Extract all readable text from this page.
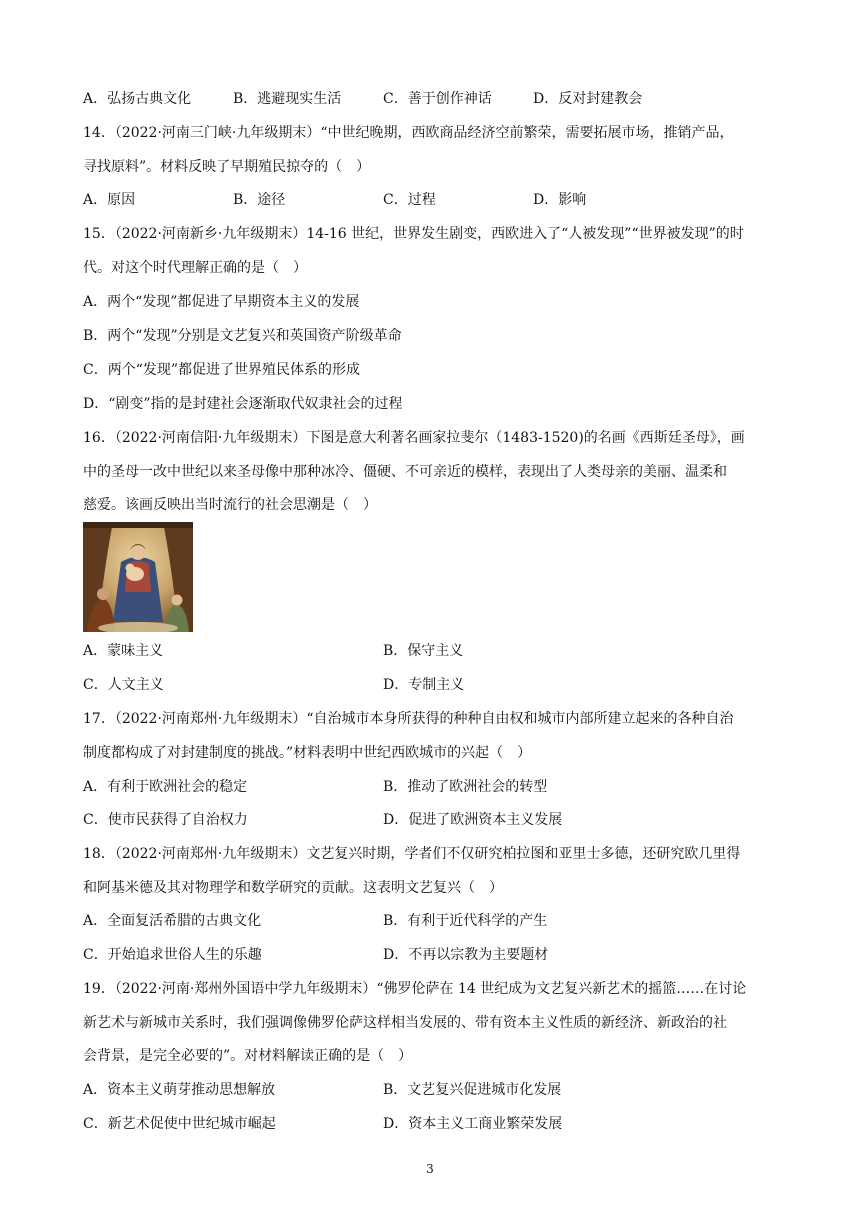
A．弘扬古典文化	B．逃避现实生活	C．善于创作神话	D．反对封建教会
14．（2022·河南三门峡·九年级期末）“中世纪晚期，西欧商品经济空前繁荣，需要拓展市场，推销产品，
寻找原料”。材料反映了早期殖民掠夺的（　）
A．原因	B．途径	C．过程	D．影响
15．（2022·河南新乡·九年级期末）14-16 世纪，世界发生剧变，西欧进入了“人被发现”“世界被发现”的时
代。对这个时代理解正确的是（　）
A．两个“发现”都促进了早期资本主义的发展
B．两个“发现”分别是文艺复兴和英国资产阶级革命
C．两个“发现”都促进了世界殖民体系的形成
D．“剧变”指的是封建社会逐渐取代奴隶社会的过程
16．（2022·河南信阳·九年级期末）下图是意大利著名画家拉斐尔（1483-1520)的名画《西斯廷圣母》，画
中的圣母一改中世纪以来圣母像中那种冰冷、僵硬、不可亲近的模样，表现出了人类母亲的美丽、温柔和
慈爱。该画反映出当时流行的社会思潮是（　）
A．蒙味主义	B．保守主义
C．人文主义	D．专制主义
17．（2022·河南郑州·九年级期末）“自治城市本身所获得的种种自由权和城市内部所建立起来的各种自治
制度都构成了对封建制度的挑战。”材料表明中世纪西欧城市的兴起（　）
A．有利于欧洲社会的稳定	B．推动了欧洲社会的转型
C．使市民获得了自治权力	D．促进了欧洲资本主义发展
18．（2022·河南郑州·九年级期末）文艺复兴时期，学者们不仅研究柏拉图和亚里士多德，还研究欧几里得
和阿基米德及其对物理学和数学研究的贡献。这表明文艺复兴（　）
A．全面复活希腊的古典文化	B．有利于近代科学的产生
C．开始追求世俗人生的乐趣	D．不再以宗教为主要题材
19．（2022·河南·郑州外国语中学九年级期末）“佛罗伦萨在 14 世纪成为文艺复兴新艺术的摇篮……在讨论
新艺术与新城市关系时，我们强调像佛罗伦萨这样相当发展的、带有资本主义性质的新经济、新政治的社
会背景，是完全必要的”。对材料解读正确的是（　）
A．资本主义萌芽推动思想解放	B．文艺复兴促进城市化发展
C．新艺术促使中世纪城市崛起	D．资本主义工商业繁荣发展
3
